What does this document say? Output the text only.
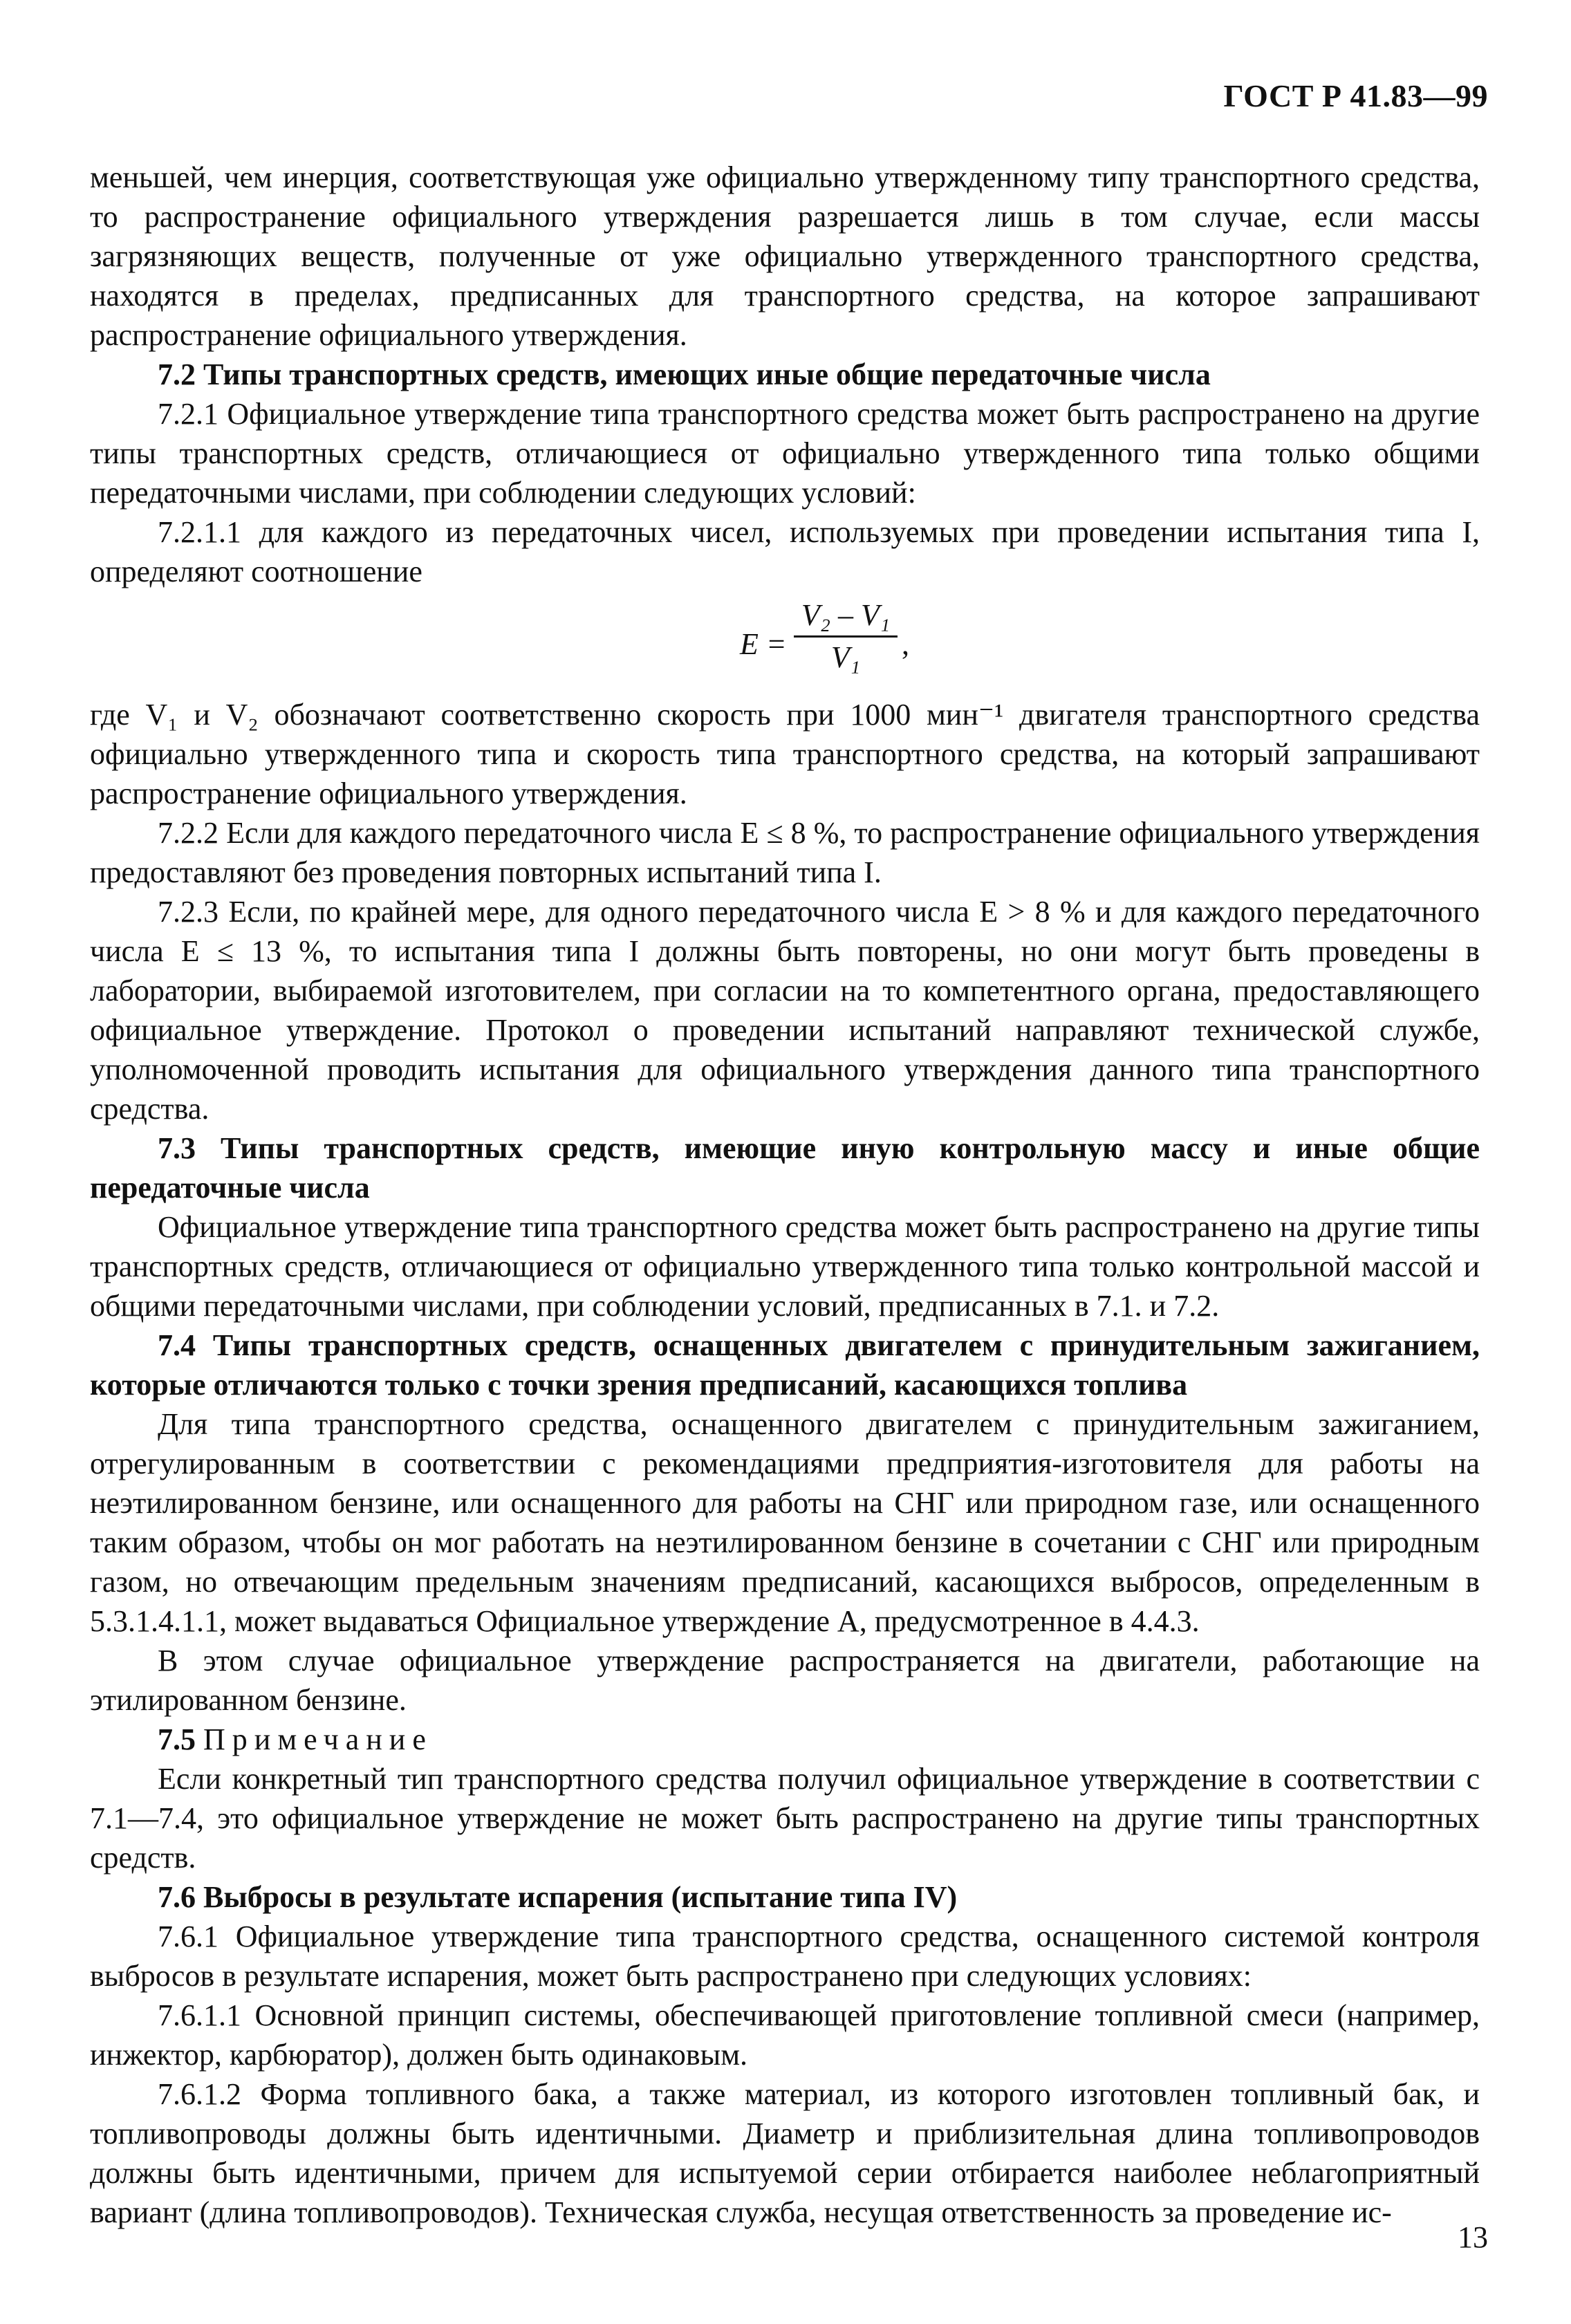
ГОСТ Р 41.83—99

меньшей, чем инерция, соответствующая уже официально утвержденному типу транспортного средства, то распространение официального утверждения разрешается лишь в том случае, если массы загрязняющих веществ, полученные от уже официально утвержденного транспортного средства, находятся в пределах, предписанных для транспортного средства, на которое запрашивают распространение официального утверждения.

7.2 Типы транспортных средств, имеющих иные общие передаточные числа

7.2.1 Официальное утверждение типа транспортного средства может быть распространено на другие типы транспортных средств, отличающиеся от официально утвержденного типа только общими передаточными числами, при соблюдении следующих условий:

7.2.1.1 для каждого из передаточных чисел, используемых при проведении испытания типа I, определяют соотношение

E =
V₂ – V₁
V₁	,

где V₁ и V₂ обозначают соответственно скорость при 1000 мин⁻¹ двигателя транспортного средства официально утвержденного типа и скорость типа транспортного средства, на который запрашивают распространение официального утверждения.

7.2.2 Если для каждого передаточного числа E ≤ 8 %, то распространение официального утверждения предоставляют без проведения повторных испытаний типа I.

7.2.3 Если, по крайней мере, для одного передаточного числа E > 8 % и для каждого передаточного числа E ≤ 13 %, то испытания типа I должны быть повторены, но они могут быть проведены в лаборатории, выбираемой изготовителем, при согласии на то компетентного органа, предоставляющего официальное утверждение. Протокол о проведении испытаний направляют технической службе, уполномоченной проводить испытания для официального утверждения данного типа транспортного средства.

7.3 Типы транспортных средств, имеющие иную контрольную массу и иные общие передаточные числа

Официальное утверждение типа транспортного средства может быть распространено на другие типы транспортных средств, отличающиеся от официально утвержденного типа только контрольной массой и общими передаточными числами, при соблюдении условий, предписанных в 7.1. и 7.2.

7.4 Типы транспортных средств, оснащенных двигателем с принудительным зажиганием, которые отличаются только с точки зрения предписаний, касающихся топлива

Для типа транспортного средства, оснащенного двигателем с принудительным зажиганием, отрегулированным в соответствии с рекомендациями предприятия-изготовителя для работы на неэтилированном бензине, или оснащенного для работы на СНГ или природном газе, или оснащенного таким образом, чтобы он мог работать на неэтилированном бензине в сочетании с СНГ или природным газом, но отвечающим предельным значениям предписаний, касающихся выбросов, определенным в 5.3.1.4.1.1, может выдаваться Официальное утверждение А, предусмотренное в 4.4.3.

В этом случае официальное утверждение распространяется на двигатели, работающие на этилированном бензине.

7.5 Примечание

Если конкретный тип транспортного средства получил официальное утверждение в соответствии с 7.1—7.4, это официальное утверждение не может быть распространено на другие типы транспортных средств.

7.6 Выбросы в результате испарения (испытание типа IV)

7.6.1 Официальное утверждение типа транспортного средства, оснащенного системой контроля выбросов в результате испарения, может быть распространено при следующих условиях:

7.6.1.1 Основной принцип системы, обеспечивающей приготовление топливной смеси (например, инжектор, карбюратор), должен быть одинаковым.

7.6.1.2 Форма топливного бака, а также материал, из которого изготовлен топливный бак, и топливопроводы должны быть идентичными. Диаметр и приблизительная длина топливопроводов должны быть идентичными, причем для испытуемой серии отбирается наиболее неблагоприятный вариант (длина топливопроводов). Техническая служба, несущая ответственность за проведение ис-

13
